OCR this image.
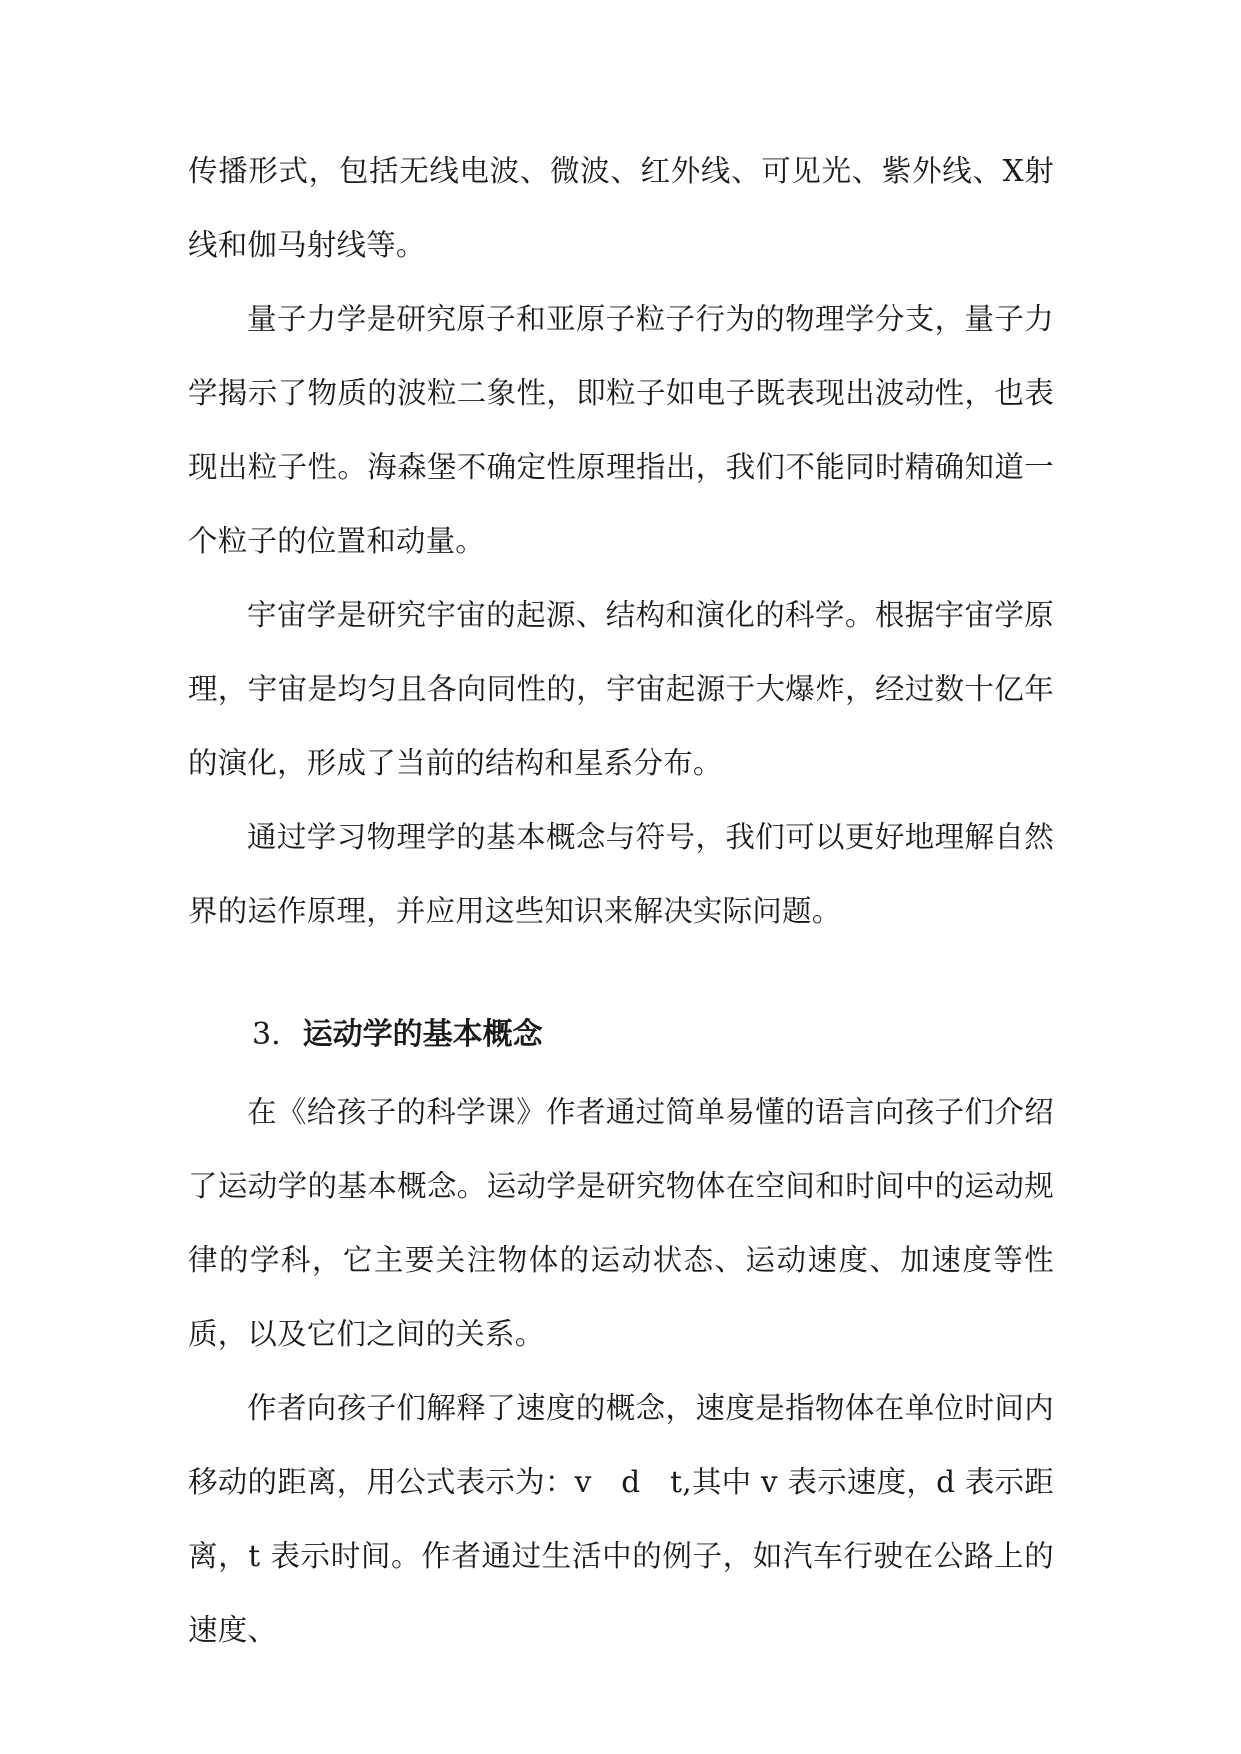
传播形式，包括无线电波、微波、红外线、可见光、紫外线、X射线和伽马射线等。

量子力学是研究原子和亚原子粒子行为的物理学分支，量子力学揭示了物质的波粒二象性，即粒子如电子既表现出波动性，也表现出粒子性。海森堡不确定性原理指出，我们不能同时精确知道一个粒子的位置和动量。

宇宙学是研究宇宙的起源、结构和演化的科学。根据宇宙学原理，宇宙是均匀且各向同性的，宇宙起源于大爆炸，经过数十亿年的演化，形成了当前的结构和星系分布。

通过学习物理学的基本概念与符号，我们可以更好地理解自然界的运作原理，并应用这些知识来解决实际问题。

3. 运动学的基本概念

在《给孩子的科学课》作者通过简单易懂的语言向孩子们介绍了运动学的基本概念。运动学是研究物体在空间和时间中的运动规律的学科，它主要关注物体的运动状态、运动速度、加速度等性质，以及它们之间的关系。

作者向孩子们解释了速度的概念，速度是指物体在单位时间内移动的距离，用公式表示为：v　d　t,其中 v 表示速度，d 表示距离，t 表示时间。作者通过生活中的例子，如汽车行驶在公路上的速度、
